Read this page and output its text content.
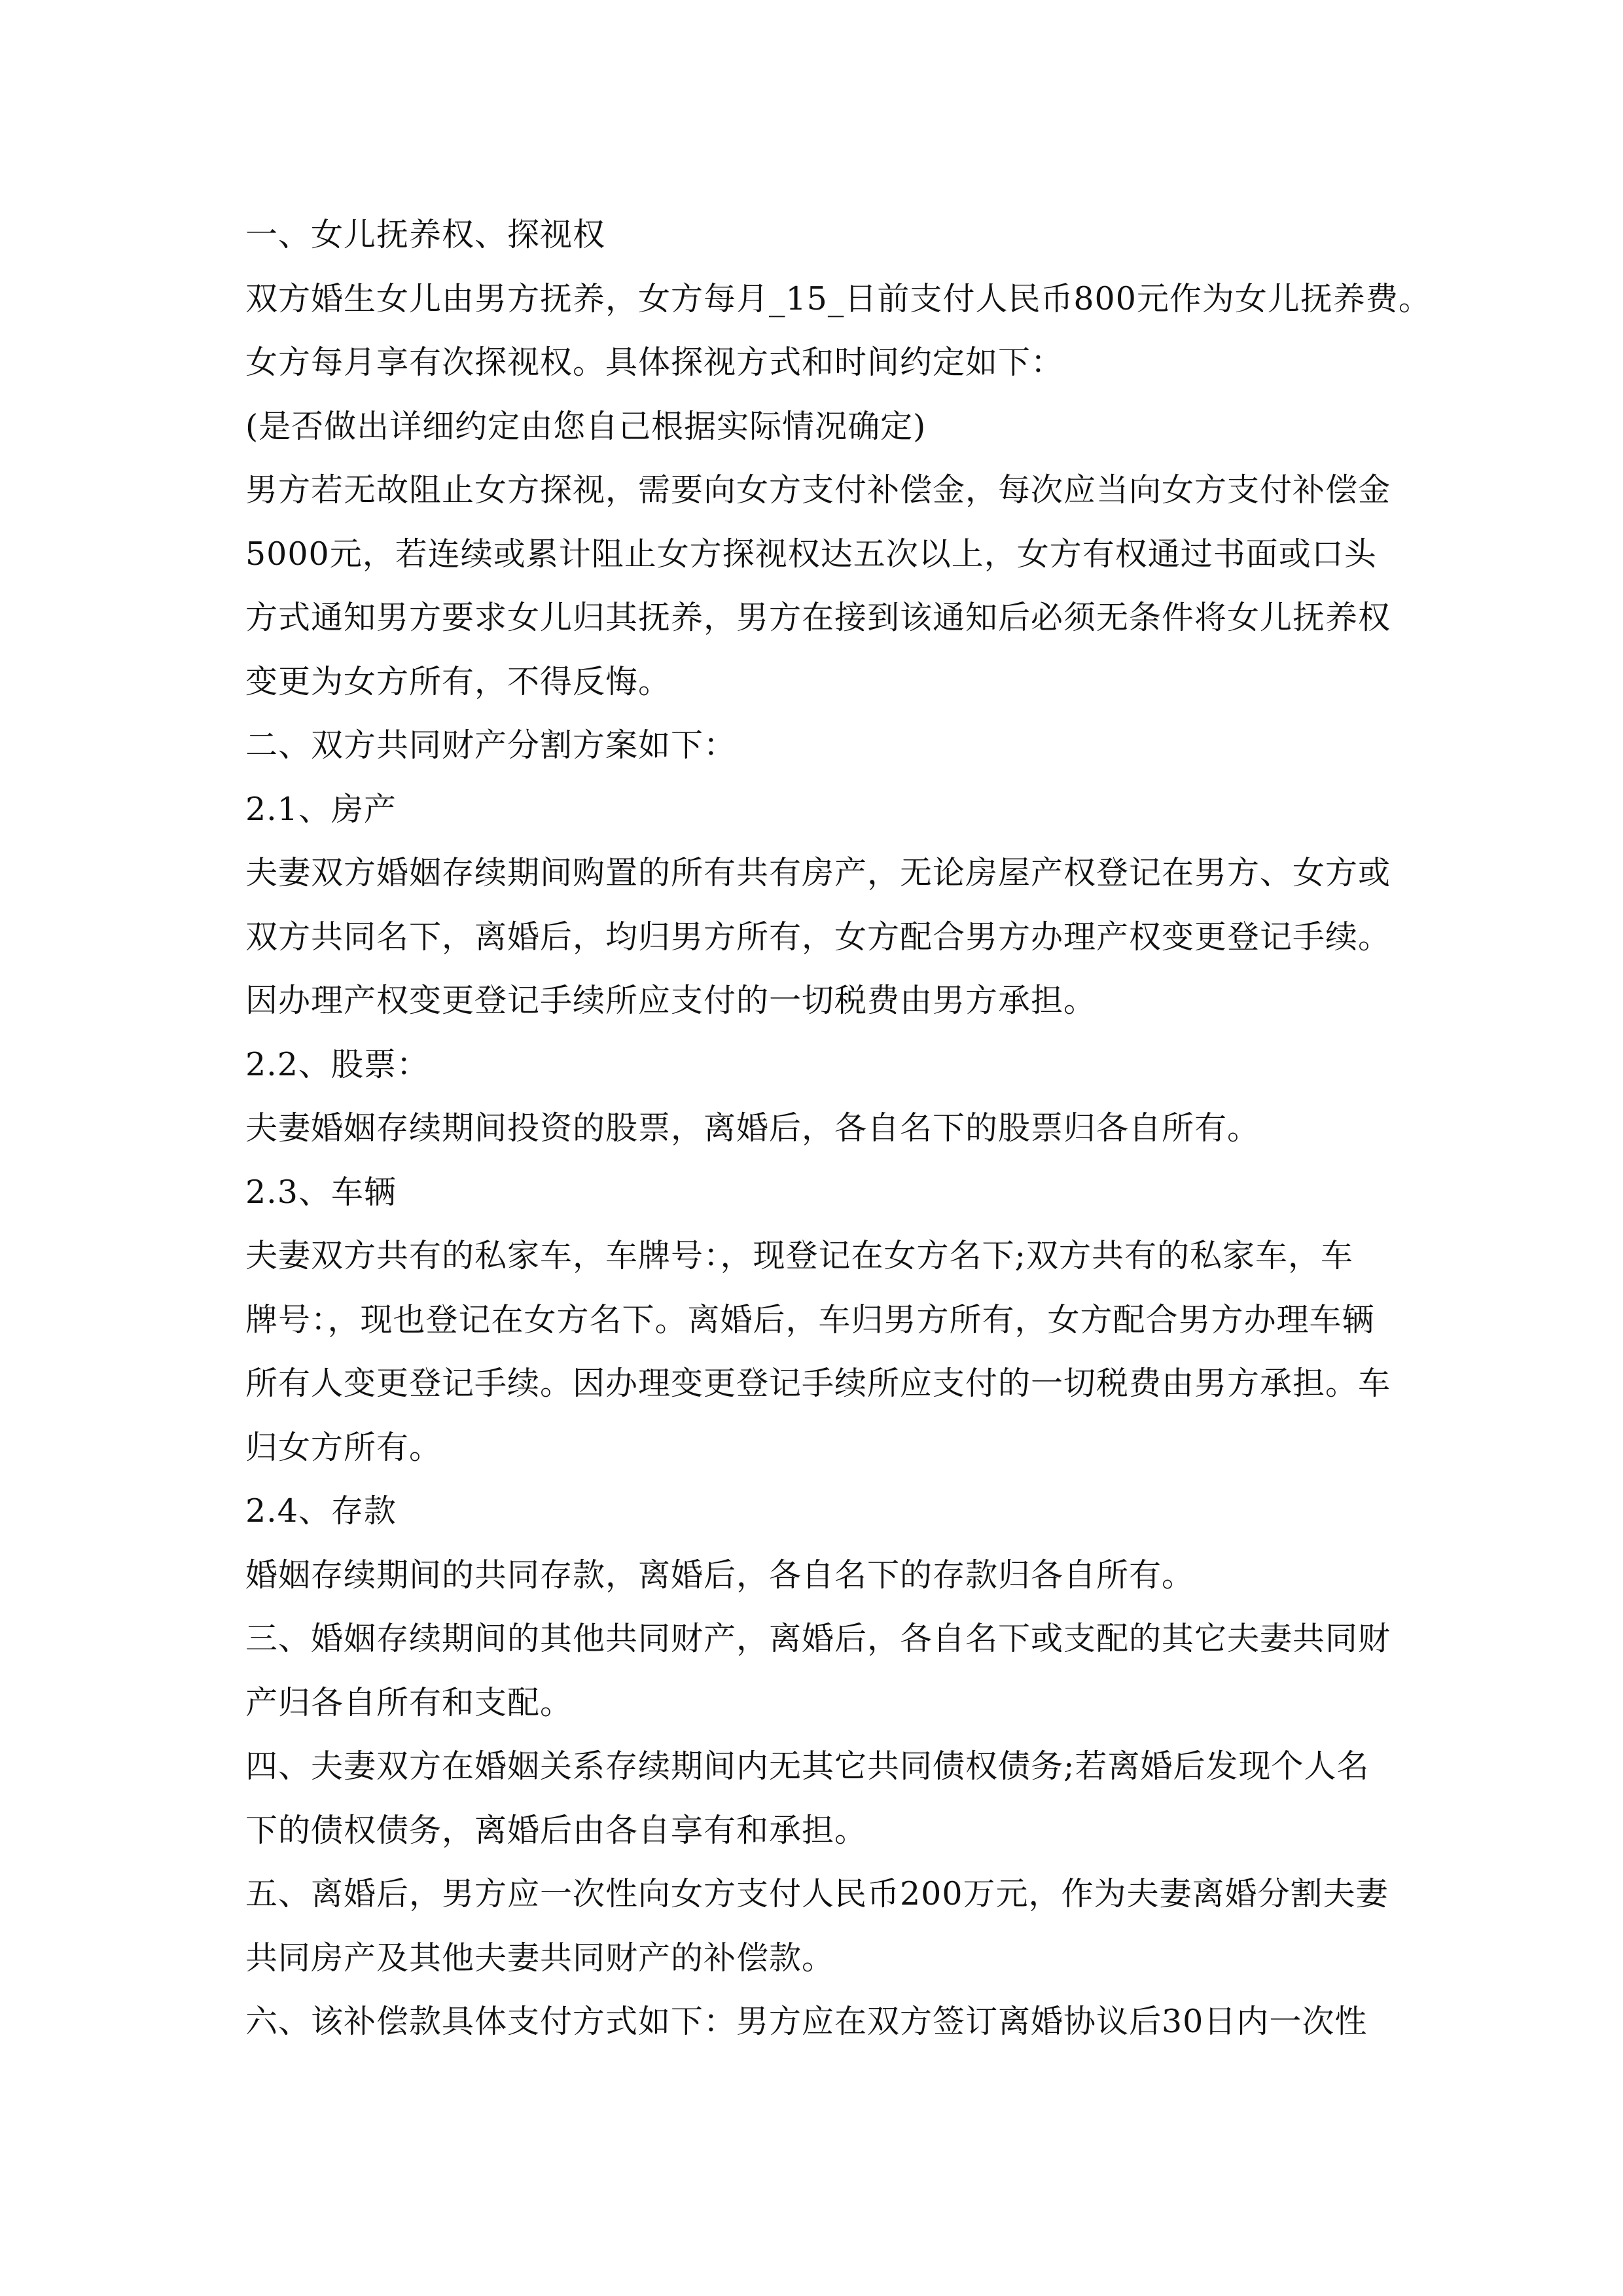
一、女儿抚养权、探视权
双方婚生女儿由男方抚养，女方每月_15_日前支付人民币800元作为女儿抚养费。
女方每月享有次探视权。具体探视方式和时间约定如下：
(是否做出详细约定由您自己根据实际情况确定)
男方若无故阻止女方探视，需要向女方支付补偿金，每次应当向女方支付补偿金
5000元，若连续或累计阻止女方探视权达五次以上，女方有权通过书面或口头
方式通知男方要求女儿归其抚养，男方在接到该通知后必须无条件将女儿抚养权
变更为女方所有，不得反悔。
二、双方共同财产分割方案如下：
2.1、房产
夫妻双方婚姻存续期间购置的所有共有房产，无论房屋产权登记在男方、女方或
双方共同名下，离婚后，均归男方所有，女方配合男方办理产权变更登记手续。
因办理产权变更登记手续所应支付的一切税费由男方承担。
2.2、股票：
夫妻婚姻存续期间投资的股票，离婚后，各自名下的股票归各自所有。
2.3、车辆
夫妻双方共有的私家车，车牌号：，现登记在女方名下;双方共有的私家车，车
牌号：，现也登记在女方名下。离婚后，车归男方所有，女方配合男方办理车辆
所有人变更登记手续。因办理变更登记手续所应支付的一切税费由男方承担。车
归女方所有。
2.4、存款
婚姻存续期间的共同存款，离婚后，各自名下的存款归各自所有。
三、婚姻存续期间的其他共同财产，离婚后，各自名下或支配的其它夫妻共同财
产归各自所有和支配。
四、夫妻双方在婚姻关系存续期间内无其它共同债权债务;若离婚后发现个人名
下的债权债务，离婚后由各自享有和承担。
五、离婚后，男方应一次性向女方支付人民币200万元，作为夫妻离婚分割夫妻
共同房产及其他夫妻共同财产的补偿款。
六、该补偿款具体支付方式如下：男方应在双方签订离婚协议后30日内一次性
